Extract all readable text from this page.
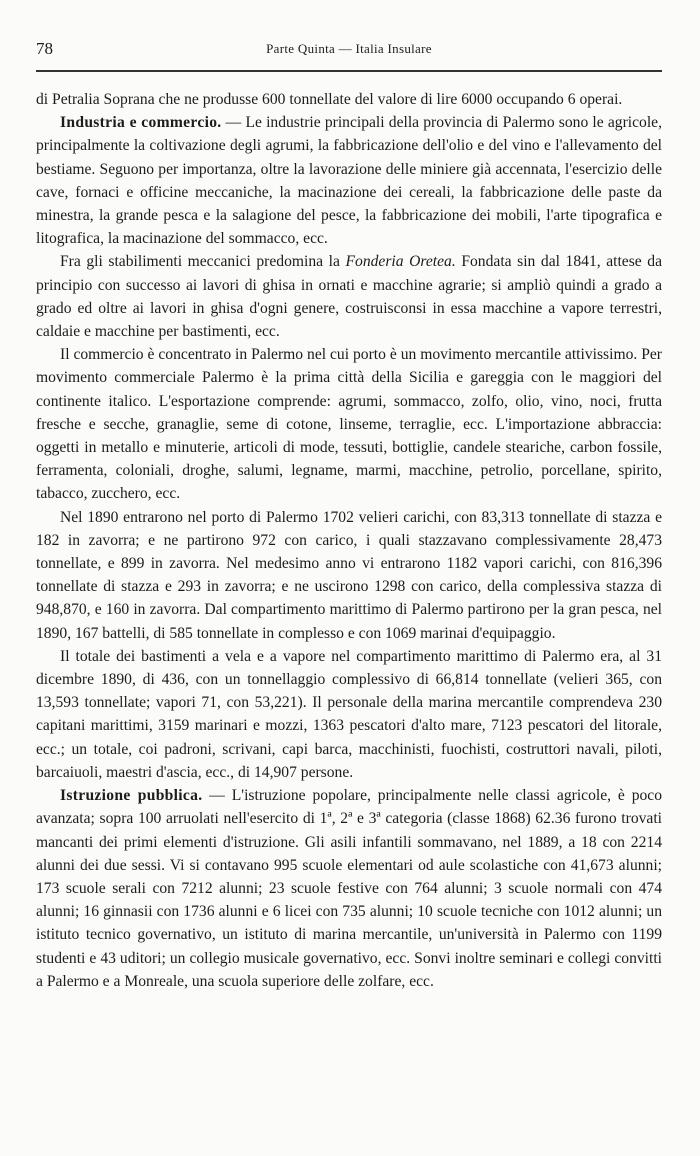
78	Parte Quinta — Italia Insulare

di Petralia Soprana che ne produsse 600 tonnellate del valore di lire 6000 occupando 6 operai.

Industria e commercio. — Le industrie principali della provincia di Palermo sono le agricole, principalmente la coltivazione degli agrumi, la fabbricazione dell'olio e del vino e l'allevamento del bestiame. Seguono per importanza, oltre la lavorazione delle miniere già accennata, l'esercizio delle cave, fornaci e officine meccaniche, la macinazione dei cereali, la fabbricazione delle paste da minestra, la grande pesca e la salagione del pesce, la fabbricazione dei mobili, l'arte tipografica e litografica, la macinazione del sommacco, ecc.

Fra gli stabilimenti meccanici predomina la Fonderia Oretea. Fondata sin dal 1841, attese da principio con successo ai lavori di ghisa in ornati e macchine agrarie; si ampliò quindi a grado a grado ed oltre ai lavori in ghisa d'ogni genere, costruisconsi in essa macchine a vapore terrestri, caldaie e macchine per bastimenti, ecc.

Il commercio è concentrato in Palermo nel cui porto è un movimento mercantile attivissimo. Per movimento commerciale Palermo è la prima città della Sicilia e gareggia con le maggiori del continente italico. L'esportazione comprende: agrumi, sommacco, zolfo, olio, vino, noci, frutta fresche e secche, granaglie, seme di cotone, linseme, terraglie, ecc. L'importazione abbraccia: oggetti in metallo e minuterie, articoli di mode, tessuti, bottiglie, candele steariche, carbon fossile, ferramenta, coloniali, droghe, salumi, legname, marmi, macchine, petrolio, porcellane, spirito, tabacco, zucchero, ecc.

Nel 1890 entrarono nel porto di Palermo 1702 velieri carichi, con 83,313 tonnellate di stazza e 182 in zavorra; e ne partirono 972 con carico, i quali stazzavano complessivamente 28,473 tonnellate, e 899 in zavorra. Nel medesimo anno vi entrarono 1182 vapori carichi, con 816,396 tonnellate di stazza e 293 in zavorra; e ne uscirono 1298 con carico, della complessiva stazza di 948,870, e 160 in zavorra. Dal compartimento marittimo di Palermo partirono per la gran pesca, nel 1890, 167 battelli, di 585 tonnellate in complesso e con 1069 marinai d'equipaggio.

Il totale dei bastimenti a vela e a vapore nel compartimento marittimo di Palermo era, al 31 dicembre 1890, di 436, con un tonnellaggio complessivo di 66,814 tonnellate (velieri 365, con 13,593 tonnellate; vapori 71, con 53,221). Il personale della marina mercantile comprendeva 230 capitani marittimi, 3159 marinari e mozzi, 1363 pescatori d'alto mare, 7123 pescatori del litorale, ecc.; un totale, coi padroni, scrivani, capi barca, macchinisti, fuochisti, costruttori navali, piloti, barcaiuoli, maestri d'ascia, ecc., di 14,907 persone.

Istruzione pubblica. — L'istruzione popolare, principalmente nelle classi agricole, è poco avanzata; sopra 100 arruolati nell'esercito di 1ª, 2ª e 3ª categoria (classe 1868) 62.36 furono trovati mancanti dei primi elementi d'istruzione. Gli asili infantili sommavano, nel 1889, a 18 con 2214 alunni dei due sessi. Vi si contavano 995 scuole elementari od aule scolastiche con 41,673 alunni; 173 scuole serali con 7212 alunni; 23 scuole festive con 764 alunni; 3 scuole normali con 474 alunni; 16 ginnasii con 1736 alunni e 6 licei con 735 alunni; 10 scuole tecniche con 1012 alunni; un istituto tecnico governativo, un istituto di marina mercantile, un'università in Palermo con 1199 studenti e 43 uditori; un collegio musicale governativo, ecc. Sonvi inoltre seminari e collegi convitti a Palermo e a Monreale, una scuola superiore delle zolfare, ecc.
